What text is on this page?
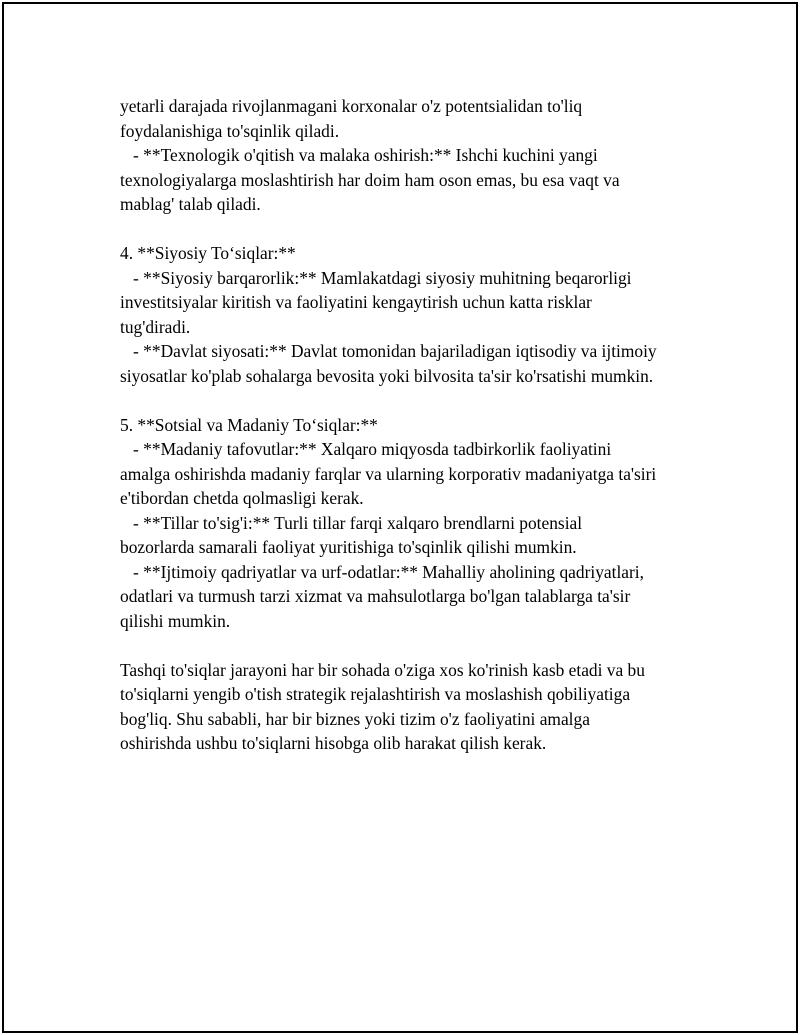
yetarli darajada rivojlanmagani korxonalar o'z potentsialidan to'liq
foydalanishiga to'sqinlik qiladi.
- **Texnologik o'qitish va malaka oshirish:** Ishchi kuchini yangi
texnologiyalarga moslashtirish har doim ham oson emas, bu esa vaqt va
mablag' talab qiladi.
4. **Siyosiy To‘siqlar:**
- **Siyosiy barqarorlik:** Mamlakatdagi siyosiy muhitning beqarorligi
investitsiyalar kiritish va faoliyatini kengaytirish uchun katta risklar
tug'diradi.
- **Davlat siyosati:** Davlat tomonidan bajariladigan iqtisodiy va ijtimoiy
siyosatlar ko'plab sohalarga bevosita yoki bilvosita ta'sir ko'rsatishi mumkin.
5. **Sotsial va Madaniy To‘siqlar:**
- **Madaniy tafovutlar:** Xalqaro miqyosda tadbirkorlik faoliyatini
amalga oshirishda madaniy farqlar va ularning korporativ madaniyatga ta'siri
e'tibordan chetda qolmasligi kerak.
- **Tillar to'sig'i:** Turli tillar farqi xalqaro brendlarni potensial
bozorlarda samarali faoliyat yuritishiga to'sqinlik qilishi mumkin.
- **Ijtimoiy qadriyatlar va urf-odatlar:** Mahalliy aholining qadriyatlari,
odatlari va turmush tarzi xizmat va mahsulotlarga bo'lgan talablarga ta'sir
qilishi mumkin.
Tashqi to'siqlar jarayoni har bir sohada o'ziga xos ko'rinish kasb etadi va bu
to'siqlarni yengib o'tish strategik rejalashtirish va moslashish qobiliyatiga
bog'liq. Shu sababli, har bir biznes yoki tizim o'z faoliyatini amalga
oshirishda ushbu to'siqlarni hisobga olib harakat qilish kerak.
